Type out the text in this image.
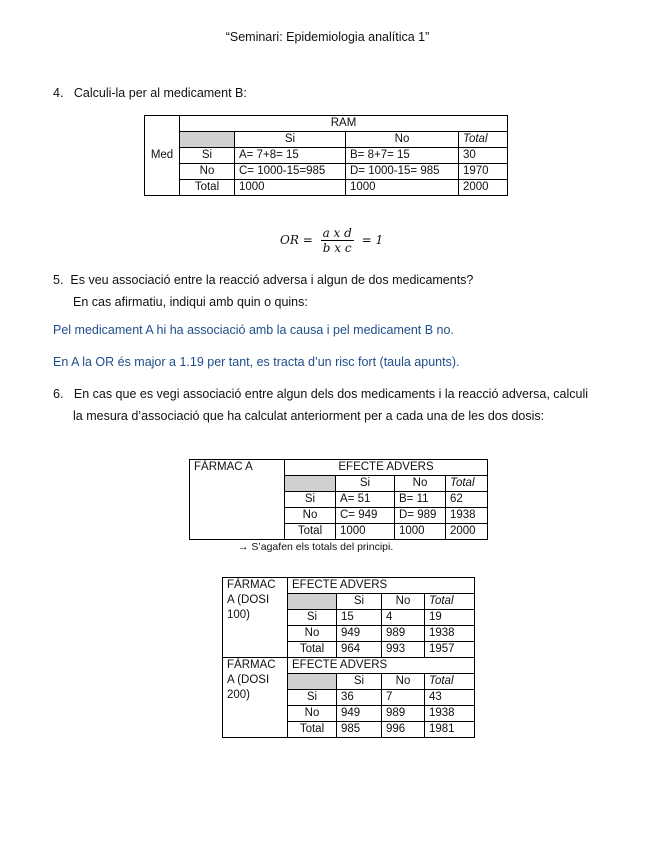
“Seminari: Epidemiologia analítica 1”
4. Calculi-la per al medicament B:
Med	RAM			
		Si	No	Total
	Si	A= 7+8= 15	B= 8+7= 15	30
	No	C= 1000-15=985	D= 1000-15= 985	1970
	Total	1000	1000	2000
OR = $\frac{\text{a x d}}{\text{b x c}} = 1$
5. Es veu associació entre la reacció adversa i algun de dos medicaments?
En cas afirmatiu, indiqui amb quin o quins:
Pel medicament A hi ha associació amb la causa i pel medicament B no.
En A la OR és major a 1.19 per tant, es tracta d’un risc fort (taula apunts).
6. En cas que es vegi associació entre algun dels dos medicaments i la reacció adversa, calculi
la mesura d’associació que ha calculat anteriorment per a cada una de les dos dosis:
FÀRMAC A	EFECTE ADVERS			
		Si	No	Total
	Si	A= 51	B= 11	62
	No	C= 949	D= 989	1938
	Total	1000	1000	2000
→ S’agafen els totals del principi.
FÀRMAC
A (DOSI
100)	EFECTE ADVERS			
		Si	No	Total
	Si	15	4	19
	No	949	989	1938
	Total	964	993	1957

FÀRMAC
A (DOSI
200)	EFECTE ADVERS			
		Si	No	Total
	Si	36	7	43
	No	949	989	1938
	Total	985	996	1981
